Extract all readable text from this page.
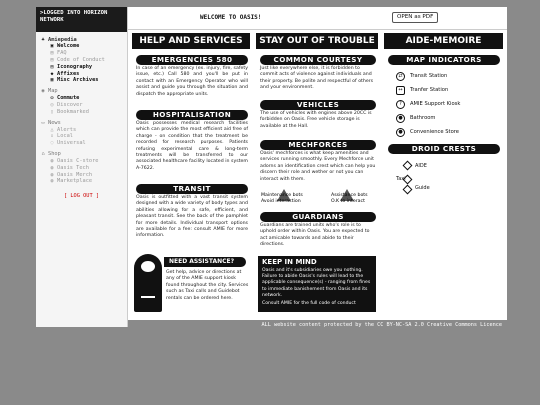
>LOGGED INTO HORIZON NETWORK
♣ Amiepedia
▣ Welcome
▤ FAQ
▤ Code of Conduct
▤ Iconography
◆ Affixes
▦ Misc Archives
◉ Map
◎ Commute
◎ Discover
▯ Bookmarked
▭ News
△ Alerts
▫ Local
◌ Universal
⌂ Shop
◍ Oasis C-store
◍ Oasis Tech
◍ Oasis Merch
◍ Marketplace
[ LOG OUT ]
WELCOME TO OASIS!	OPEN as PDF
HELP AND SERVICES	STAY OUT OF TROUBLE	AIDE-MEMOIRE
EMERGENCIES 580
In case of an emergency (ex. injury, fire, safety issue, etc.) Call 580 and you'll be put in contact with an Emergency Operator who will assist and guide you through the situation and dispatch the appropriate units.
HOSPITALISATION
Oasis possesses medical research facilities which can provide the most efficient aid free of charge - on condition that the treatment be recorded for research purposes. Patients refusing experimental care & long-term treatments will be transferred to our associated healthcare facility located in system A-7622.
TRANSIT
Oasis is outfitted with a vast transit system designed with a wide variety of body types and abilities allowing for a safe, efficient, and pleasant transit. See the back of the pamphlet for more details. Individual transport options are available for a fee: consult AMIE for more information.
NEED ASSISTANCE?
Get help, advice or directions at any of the AMIE support kiosk found throughout the city. Services such as Taxi calls and Guidebot rentals can be ordered here.
COMMON COURTESY
Just like everywhere else, it is forbidden to commit acts of violence against individuals and their property. Be polite and respectful of others and your environment.
VEHICLES
The use of vehicles with engines above 20CC is forbidden on Oasis. Free vehicle storage is available at the Hall.
MECHFORCES
Oasis' mechforces is what keep amenities and services running smoothly. Every Mechforce unit adorns an identification crest which can help you discern their role and wether or not you can interact with them.
Maintenance bots Avoid interaction
Assistance bots O.K to interact
GUARDIANS
Guardians are trained units who's role is to uphold order within Oasis. You are expected to act amicable towards and abide to their directions.
KEEP IN MIND
Oasis and it's subsidiaries owe you nothing. Failure to abide Oasis's rules will lead to the applicable consequence(s) - ranging from fines to immediate banishement from Oasis and its network.
Consult AMIE for the full code of conduct
MAP INDICATORS
⇄	Transit Station
↔	Tranfer Station
?	AMIE Support Kiosk
●	Bathroom
●	Convenience Store
DROID CRESTS
AIDE
Taxi
Guide
ALL website content protected by the CC BY-NC-SA 2.0 Creative Commons Licence
